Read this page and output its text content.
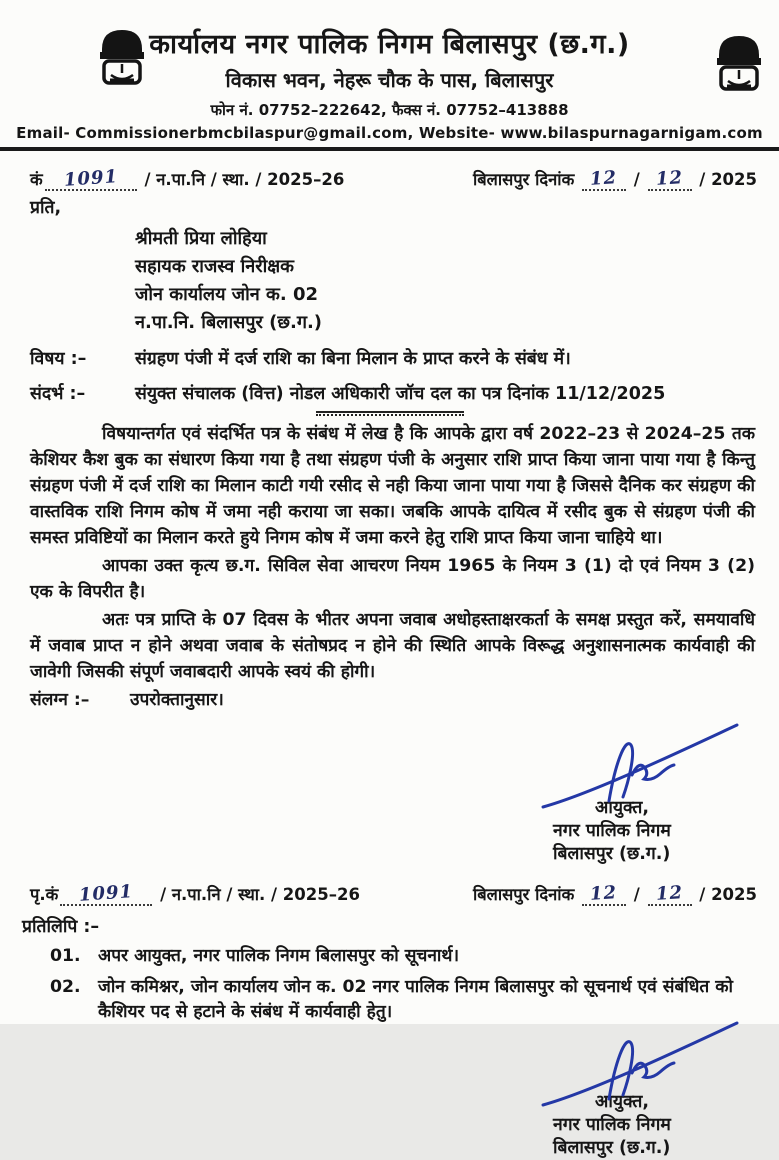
कार्यालय नगर पालिक निगम बिलासपुर (छ.ग.)
विकास भवन, नेहरू चौक के पास, बिलासपुर
फोन नं. 07752–222642, फैक्स नं. 07752–413888
Email- Commissionerbmcbilaspur@gmail.com, Website- www.bilaspurnagarnigam.com
कं 1091 / न.पा.नि / स्था. / 2025–26	बिलासपुर दिनांक 12 / 12 / 2025
प्रति,
श्रीमती प्रिया लोहिया
सहायक राजस्व निरीक्षक
जोन कार्यालय जोन क. 02
न.पा.नि. बिलासपुर (छ.ग.)
विषय :–	संग्रहण पंजी में दर्ज राशि का बिना मिलान के प्राप्त करने के संबंध में।
संदर्भ :–	संयुक्त संचालक (वित्त) नोडल अधिकारी जॉच दल का पत्र दिनांक 11/12/2025

विषयान्तर्गत एवं संदर्भित पत्र के संबंध में लेख है कि आपके द्वारा वर्ष 2022–23 से 2024–25 तक केशियर कैश बुक का संधारण किया गया है तथा संग्रहण पंजी के अनुसार राशि प्राप्त किया जाना पाया गया है किन्तु संग्रहण पंजी में दर्ज राशि का मिलान काटी गयी रसीद से नही किया जाना पाया गया है जिससे दैनिक कर संग्रहण की वास्तविक राशि निगम कोष में जमा नही कराया जा सका। जबकि आपके दायित्व में रसीद बुक से संग्रहण पंजी की समस्त प्रविष्टियों का मिलान करते हुये निगम कोष में जमा करने हेतु राशि प्राप्त किया जाना चाहिये था।

आपका उक्त कृत्य छ.ग. सिविल सेवा आचरण नियम 1965 के नियम 3 (1) दो एवं नियम 3 (2) एक के विपरीत है।

अतः पत्र प्राप्ति के 07 दिवस के भीतर अपना जवाब अधोहस्ताक्षरकर्ता के समक्ष प्रस्तुत करें, समयावधि में जवाब प्राप्त न होने अथवा जवाब के संतोषप्रद न होने की स्थिति आपके विरूद्ध अनुशासनात्मक कार्यवाही की जावेगी जिसकी संपूर्ण जवाबदारी आपके स्वयं की होगी।

संलग्न :–	उपरोक्तानुसार।
आयुक्त,
नगर पालिक निगम
बिलासपुर (छ.ग.)
पृ.कं 1091 / न.पा.नि / स्था. / 2025–26	बिलासपुर दिनांक 12 / 12 / 2025
प्रतिलिपि :–
01.	अपर आयुक्त, नगर पालिक निगम बिलासपुर को सूचनार्थ।
02.	जोन कमिश्नर, जोन कार्यालय जोन क. 02 नगर पालिक निगम बिलासपुर को सूचनार्थ एवं संबंधित को कैशियर पद से हटाने के संबंध में कार्यवाही हेतु।
आयुक्त,
नगर पालिक निगम
बिलासपुर (छ.ग.)
